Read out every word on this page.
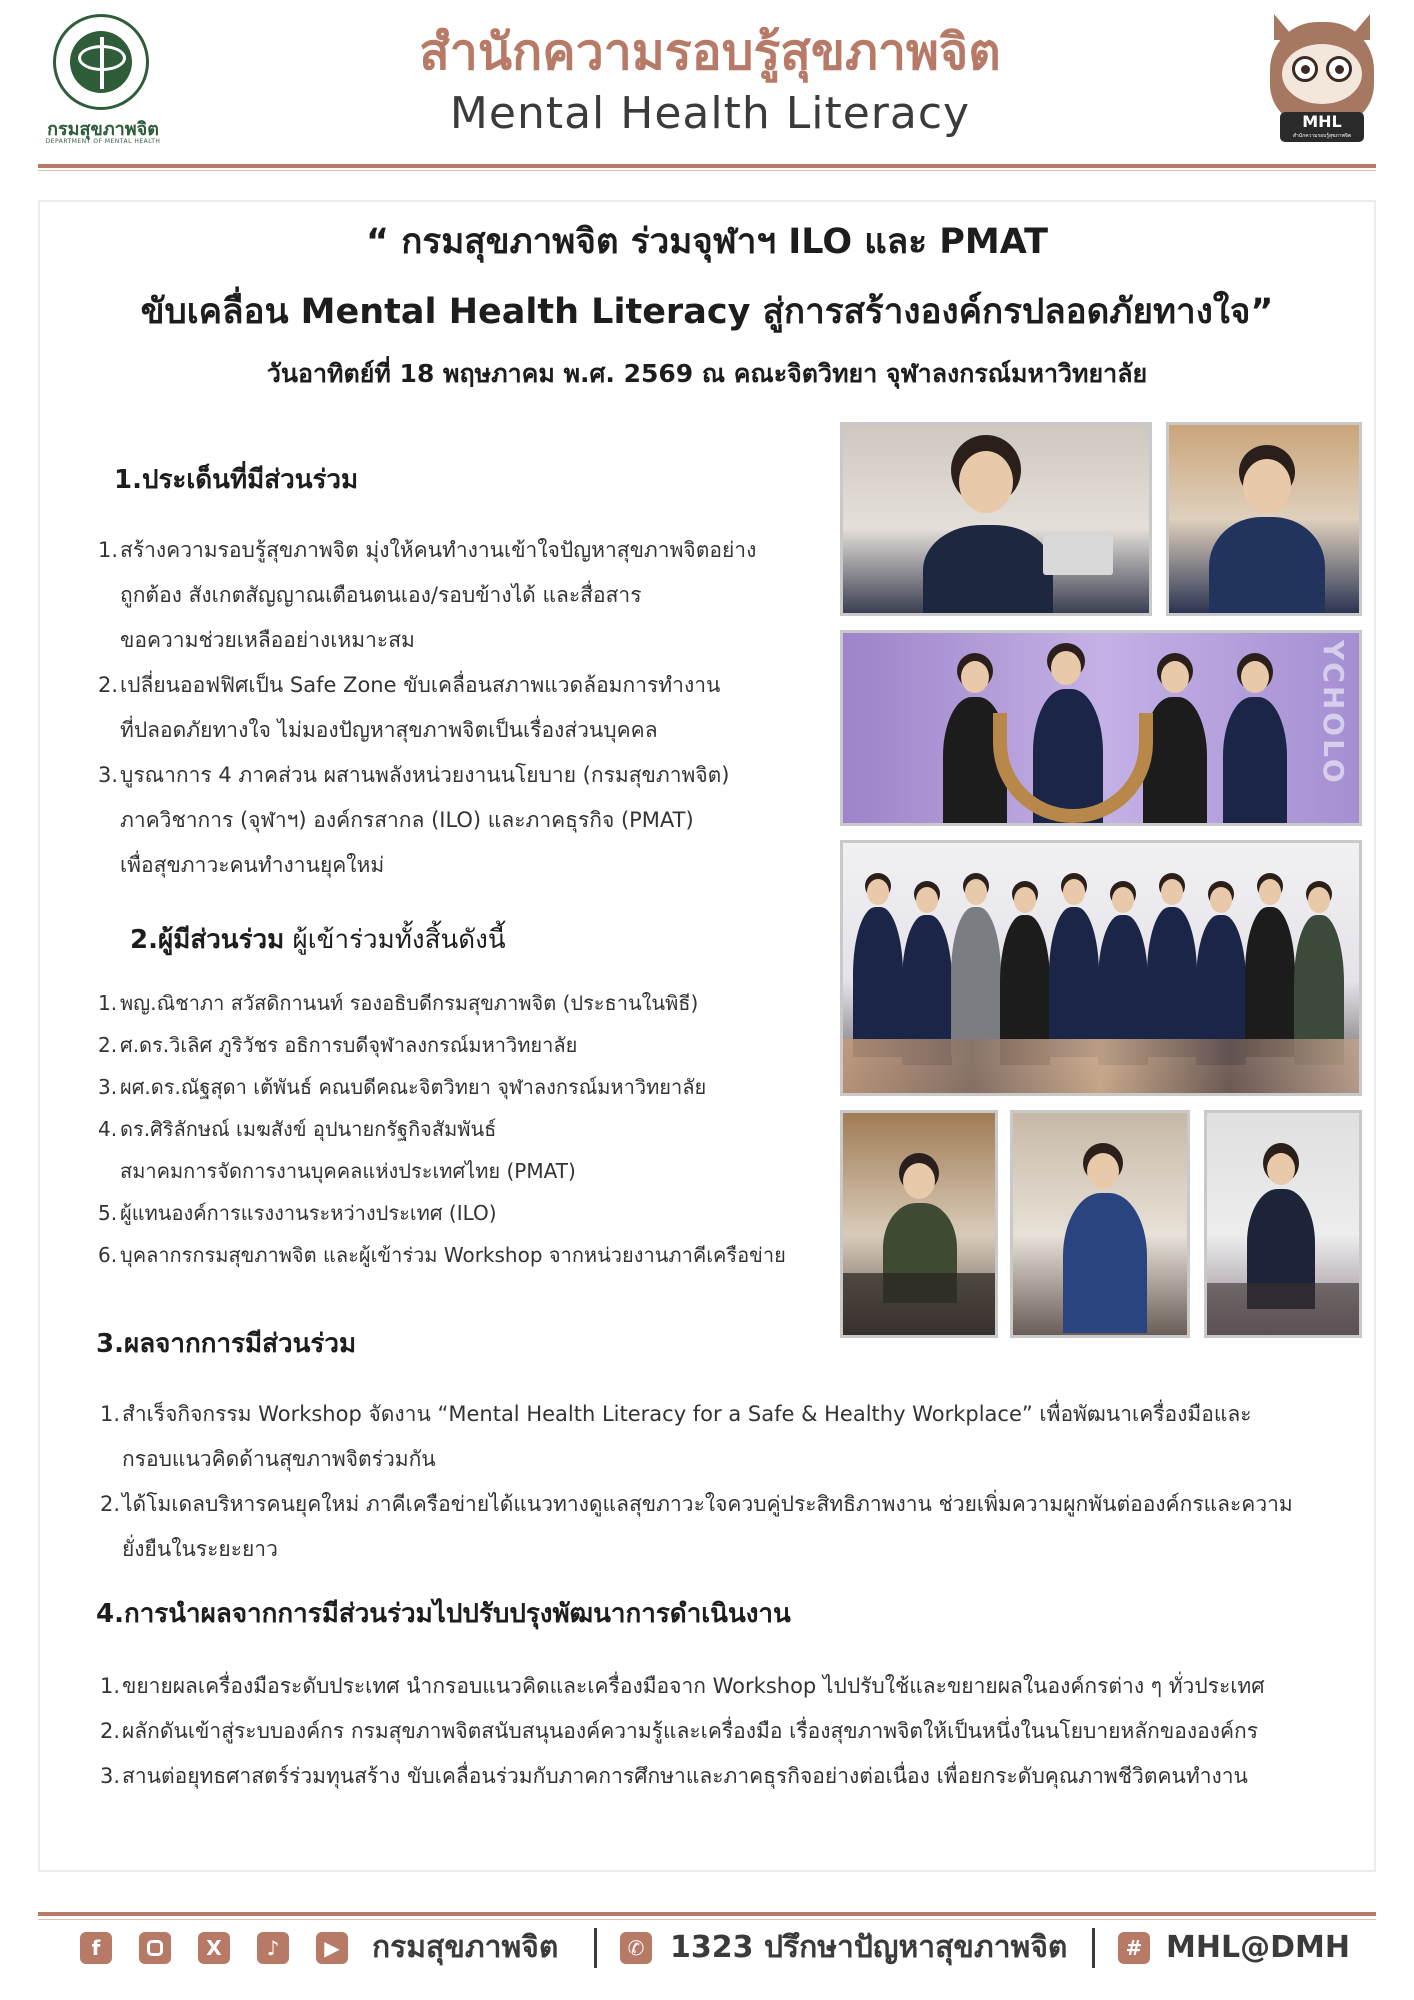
กรมสุขภาพจิต
DEPARTMENT OF MENTAL HEALTH
สำนักความรอบรู้สุขภาพจิต
Mental Health Literacy	MHL
สำนักความรอบรู้สุขภาพจิต
“ กรมสุขภาพจิต ร่วมจุฬาฯ ILO และ PMAT
ขับเคลื่อน Mental Health Literacy สู่การสร้างองค์กรปลอดภัยทางใจ”
วันอาทิตย์ที่ 18 พฤษภาคม พ.ศ. 2569 ณ คณะจิตวิทยา จุฬาลงกรณ์มหาวิทยาลัย
1.ประเด็นที่มีส่วนร่วม
1. สร้างความรอบรู้สุขภาพจิต มุ่งให้คนทำงานเข้าใจปัญหาสุขภาพจิตอย่าง
ถูกต้อง สังเกตสัญญาณเตือนตนเอง/รอบข้างได้ และสื่อสาร
ขอความช่วยเหลืออย่างเหมาะสม
2. เปลี่ยนออฟฟิศเป็น Safe Zone ขับเคลื่อนสภาพแวดล้อมการทำงาน
ที่ปลอดภัยทางใจ ไม่มองปัญหาสุขภาพจิตเป็นเรื่องส่วนบุคคล
3. บูรณาการ 4 ภาคส่วน ผสานพลังหน่วยงานนโยบาย (กรมสุขภาพจิต)
ภาควิชาการ (จุฬาฯ) องค์กรสากล (ILO) และภาคธุรกิจ (PMAT)
เพื่อสุขภาวะคนทำงานยุคใหม่
2.ผู้มีส่วนร่วม ผู้เข้าร่วมทั้งสิ้นดังนี้
1. พญ.ณิชาภา สวัสดิกานนท์ รองอธิบดีกรมสุขภาพจิต (ประธานในพิธี)
2. ศ.ดร.วิเลิศ ภูริวัชร อธิการบดีจุฬาลงกรณ์มหาวิทยาลัย
3. ผศ.ดร.ณัฐสุดา เต้พันธ์ คณบดีคณะจิตวิทยา จุฬาลงกรณ์มหาวิทยาลัย
4. ดร.ศิริลักษณ์ เมฆสังข์ อุปนายกรัฐกิจสัมพันธ์
สมาคมการจัดการงานบุคคลแห่งประเทศไทย (PMAT)
5. ผู้แทนองค์การแรงงานระหว่างประเทศ (ILO)
6. บุคลากรกรมสุขภาพจิต และผู้เข้าร่วม Workshop จากหน่วยงานภาคีเครือข่าย
3.ผลจากการมีส่วนร่วม
1. สำเร็จกิจกรรม Workshop จัดงาน “Mental Health Literacy for a Safe & Healthy Workplace” เพื่อพัฒนาเครื่องมือและ
กรอบแนวคิดด้านสุขภาพจิตร่วมกัน
2. ได้โมเดลบริหารคนยุคใหม่ ภาคีเครือข่ายได้แนวทางดูแลสุขภาวะใจควบคู่ประสิทธิภาพงาน ช่วยเพิ่มความผูกพันต่อองค์กรและความ
ยั่งยืนในระยะยาว
4.การนำผลจากการมีส่วนร่วมไปปรับปรุงพัฒนาการดำเนินงาน
1. ขยายผลเครื่องมือระดับประเทศ นำกรอบแนวคิดและเครื่องมือจาก Workshop ไปปรับใช้และขยายผลในองค์กรต่าง ๆ ทั่วประเทศ
2. ผลักดันเข้าสู่ระบบองค์กร กรมสุขภาพจิตสนับสนุนองค์ความรู้และเครื่องมือ เรื่องสุขภาพจิตให้เป็นหนึ่งในนโยบายหลักขององค์กร
3. สานต่อยุทธศาสตร์ร่วมทุนสร้าง ขับเคลื่อนร่วมกับภาคการศึกษาและภาคธุรกิจอย่างต่อเนื่อง เพื่อยกระดับคุณภาพชีวิตคนทำงาน
YCHOLO
f	X	♪	▶ กรมสุขภาพจิต	✆ 1323 ปรึกษาปัญหาสุขภาพจิต	# MHL@DMH
